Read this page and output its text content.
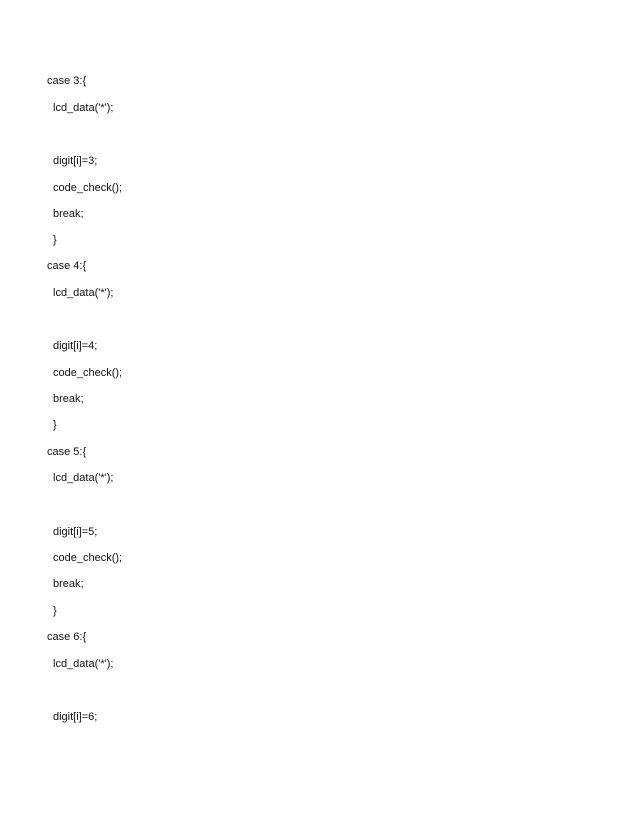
case 3:{
lcd_data('*');
digit[i]=3;
code_check();
break;
}
case 4:{
lcd_data('*');
digit[i]=4;
code_check();
break;
}
case 5:{
lcd_data('*');
digit[i]=5;
code_check();
break;
}
case 6:{
lcd_data('*');
digit[i]=6;
